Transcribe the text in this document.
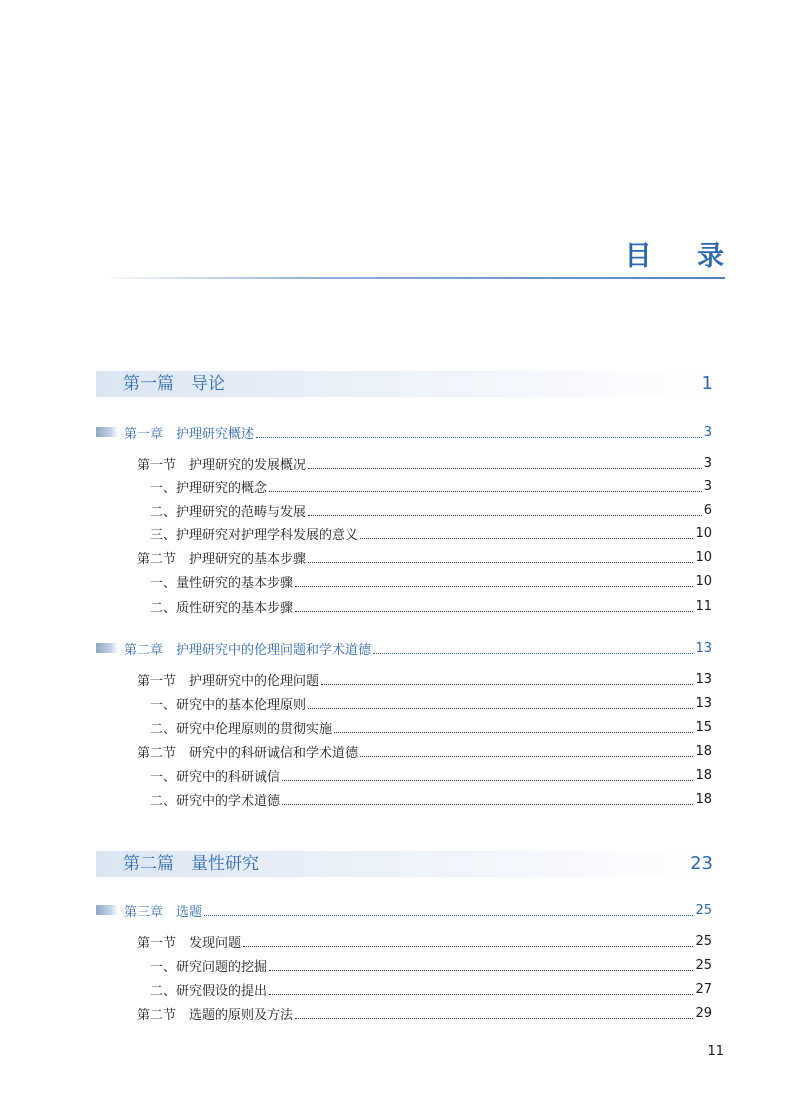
目 录
第一篇　导论	1
第一章　护理研究概述	3
第一节　护理研究的发展概况	3
一、护理研究的概念	3
二、护理研究的范畴与发展	6
三、护理研究对护理学科发展的意义	10
第二节　护理研究的基本步骤	10
一、量性研究的基本步骤	10
二、质性研究的基本步骤	11
第二章　护理研究中的伦理问题和学术道德	13
第一节　护理研究中的伦理问题	13
一、研究中的基本伦理原则	13
二、研究中伦理原则的贯彻实施	15
第二节　研究中的科研诚信和学术道德	18
一、研究中的科研诚信	18
二、研究中的学术道德	18
第二篇　量性研究	23
第三章　选题	25
第一节　发现问题	25
一、研究问题的挖掘	25
二、研究假设的提出	27
第二节　选题的原则及方法	29
11
